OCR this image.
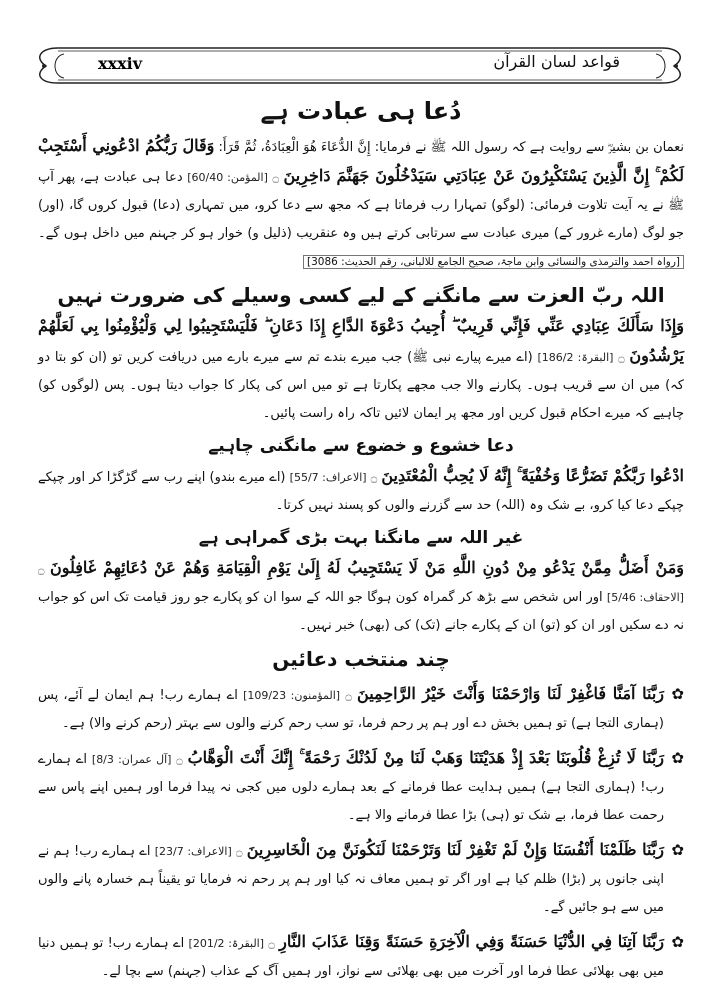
xxxiv	قواعد لسان القرآن
دُعا ہی عبادت ہے

نعمان بن بشیرؓ سے روایت ہے کہ رسول اللہ ﷺ نے فرمایا: إِنَّ الدُّعَاءَ هُوَ الْعِبَادَةُ، ثُمَّ قَرَأَ: وَقَالَ رَبُّكُمُ ادْعُونِي أَسْتَجِبْ لَكُمْ ۚ إِنَّ الَّذِينَ يَسْتَكْبِرُونَ عَنْ عِبَادَتِي سَيَدْخُلُونَ جَهَنَّمَ دَاخِرِينَ ۝ [المؤمن: 60/40] دعا ہی عبادت ہے، پھر آپ ﷺ نے یہ آیت تلاوت فرمائی: (لوگو) تمہارا رب فرماتا ہے کہ مجھ سے دعا کرو، میں تمہاری (دعا) قبول کروں گا، (اور) جو لوگ (مارے غرور کے) میری عبادت سے سرتابی کرتے ہیں وہ عنقریب (ذلیل و) خوار ہو کر جہنم میں داخل ہوں گے۔ [رواہ احمد والترمذی والنسائی وابن ماجۃ، صحیح الجامع للالبانی، رقم الحدیث: 3086]

اللہ ربّ العزت سے مانگنے کے لیے کسی وسیلے کی ضرورت نہیں

وَإِذَا سَأَلَكَ عِبَادِي عَنِّي فَإِنِّي قَرِيبٌ ۖ أُجِيبُ دَعْوَةَ الدَّاعِ إِذَا دَعَانِ ۖ فَلْيَسْتَجِيبُوا لِي وَلْيُؤْمِنُوا بِي لَعَلَّهُمْ يَرْشُدُونَ ۝ [البقرۃ: 186/2] (اے میرے پیارے نبی ﷺ) جب میرے بندے تم سے میرے بارے میں دریافت کریں تو (ان کو بتا دو کہ) میں ان سے قریب ہوں۔ پکارنے والا جب مجھے پکارتا ہے تو میں اس کی پکار کا جواب دیتا ہوں۔ پس (لوگوں کو) چاہیے کہ میرے احکام قبول کریں اور مجھ پر ایمان لائیں تاکہ راہ راست پائیں۔

دعا خشوع و خضوع سے مانگنی چاہیے

ادْعُوا رَبَّكُمْ تَضَرُّعًا وَخُفْيَةً ۚ إِنَّهُ لَا يُحِبُّ الْمُعْتَدِينَ ۝ [الاعراف: 55/7] (اے میرے بندو) اپنے رب سے گڑگڑا کر اور چپکے چپکے دعا کیا کرو، بے شک وہ (اللہ) حد سے گزرنے والوں کو پسند نہیں کرتا۔

غیر اللہ سے مانگنا بہت بڑی گمراہی ہے

وَمَنْ أَضَلُّ مِمَّنْ يَدْعُو مِنْ دُونِ اللَّهِ مَنْ لَا يَسْتَجِيبُ لَهُ إِلَىٰ يَوْمِ الْقِيَامَةِ وَهُمْ عَنْ دُعَائِهِمْ غَافِلُونَ ۝ [الاحقاف: 5/46] اور اس شخص سے بڑھ کر گمراہ کون ہوگا جو اللہ کے سوا ان کو پکارے جو روز قیامت تک اس کو جواب نہ دے سکیں اور ان کو (تو) ان کے پکارے جانے (تک) کی (بھی) خبر نہیں۔

چند منتخب دعائیں
✿
رَبَّنَا آمَنَّا فَاغْفِرْ لَنَا وَارْحَمْنَا وَأَنْتَ خَيْرُ الرَّاحِمِينَ ۝ [المؤمنون: 109/23] اے ہمارے رب! ہم ایمان لے آئے، پس (ہماری التجا ہے) تو ہمیں بخش دے اور ہم پر رحم فرما، تو سب رحم کرنے والوں سے بہتر (رحم کرنے والا) ہے۔
✿
رَبَّنَا لَا تُزِغْ قُلُوبَنَا بَعْدَ إِذْ هَدَيْتَنَا وَهَبْ لَنَا مِنْ لَدُنْكَ رَحْمَةً ۚ إِنَّكَ أَنْتَ الْوَهَّابُ ۝ [آل عمران: 8/3] اے ہمارے رب! (ہماری التجا ہے) ہمیں ہدایت عطا فرمانے کے بعد ہمارے دلوں میں کجی نہ پیدا فرما اور ہمیں اپنے پاس سے رحمت عطا فرما، بے شک تو (ہی) بڑا عطا فرمانے والا ہے۔
✿
رَبَّنَا ظَلَمْنَا أَنْفُسَنَا وَإِنْ لَمْ تَغْفِرْ لَنَا وَتَرْحَمْنَا لَنَكُونَنَّ مِنَ الْخَاسِرِينَ ۝ [الاعراف: 23/7] اے ہمارے رب! ہم نے اپنی جانوں پر (بڑا) ظلم کیا ہے اور اگر تو ہمیں معاف نہ کیا اور ہم پر رحم نہ فرمایا تو یقیناً ہم خسارہ پانے والوں میں سے ہو جائیں گے۔
✿
رَبَّنَا آتِنَا فِي الدُّنْيَا حَسَنَةً وَفِي الْآخِرَةِ حَسَنَةً وَقِنَا عَذَابَ النَّارِ ۝ [البقرۃ: 201/2] اے ہمارے رب! تو ہمیں دنیا میں بھی بھلائی عطا فرما اور آخرت میں بھی بھلائی سے نواز، اور ہمیں آگ کے عذاب (جہنم) سے بچا لے۔
